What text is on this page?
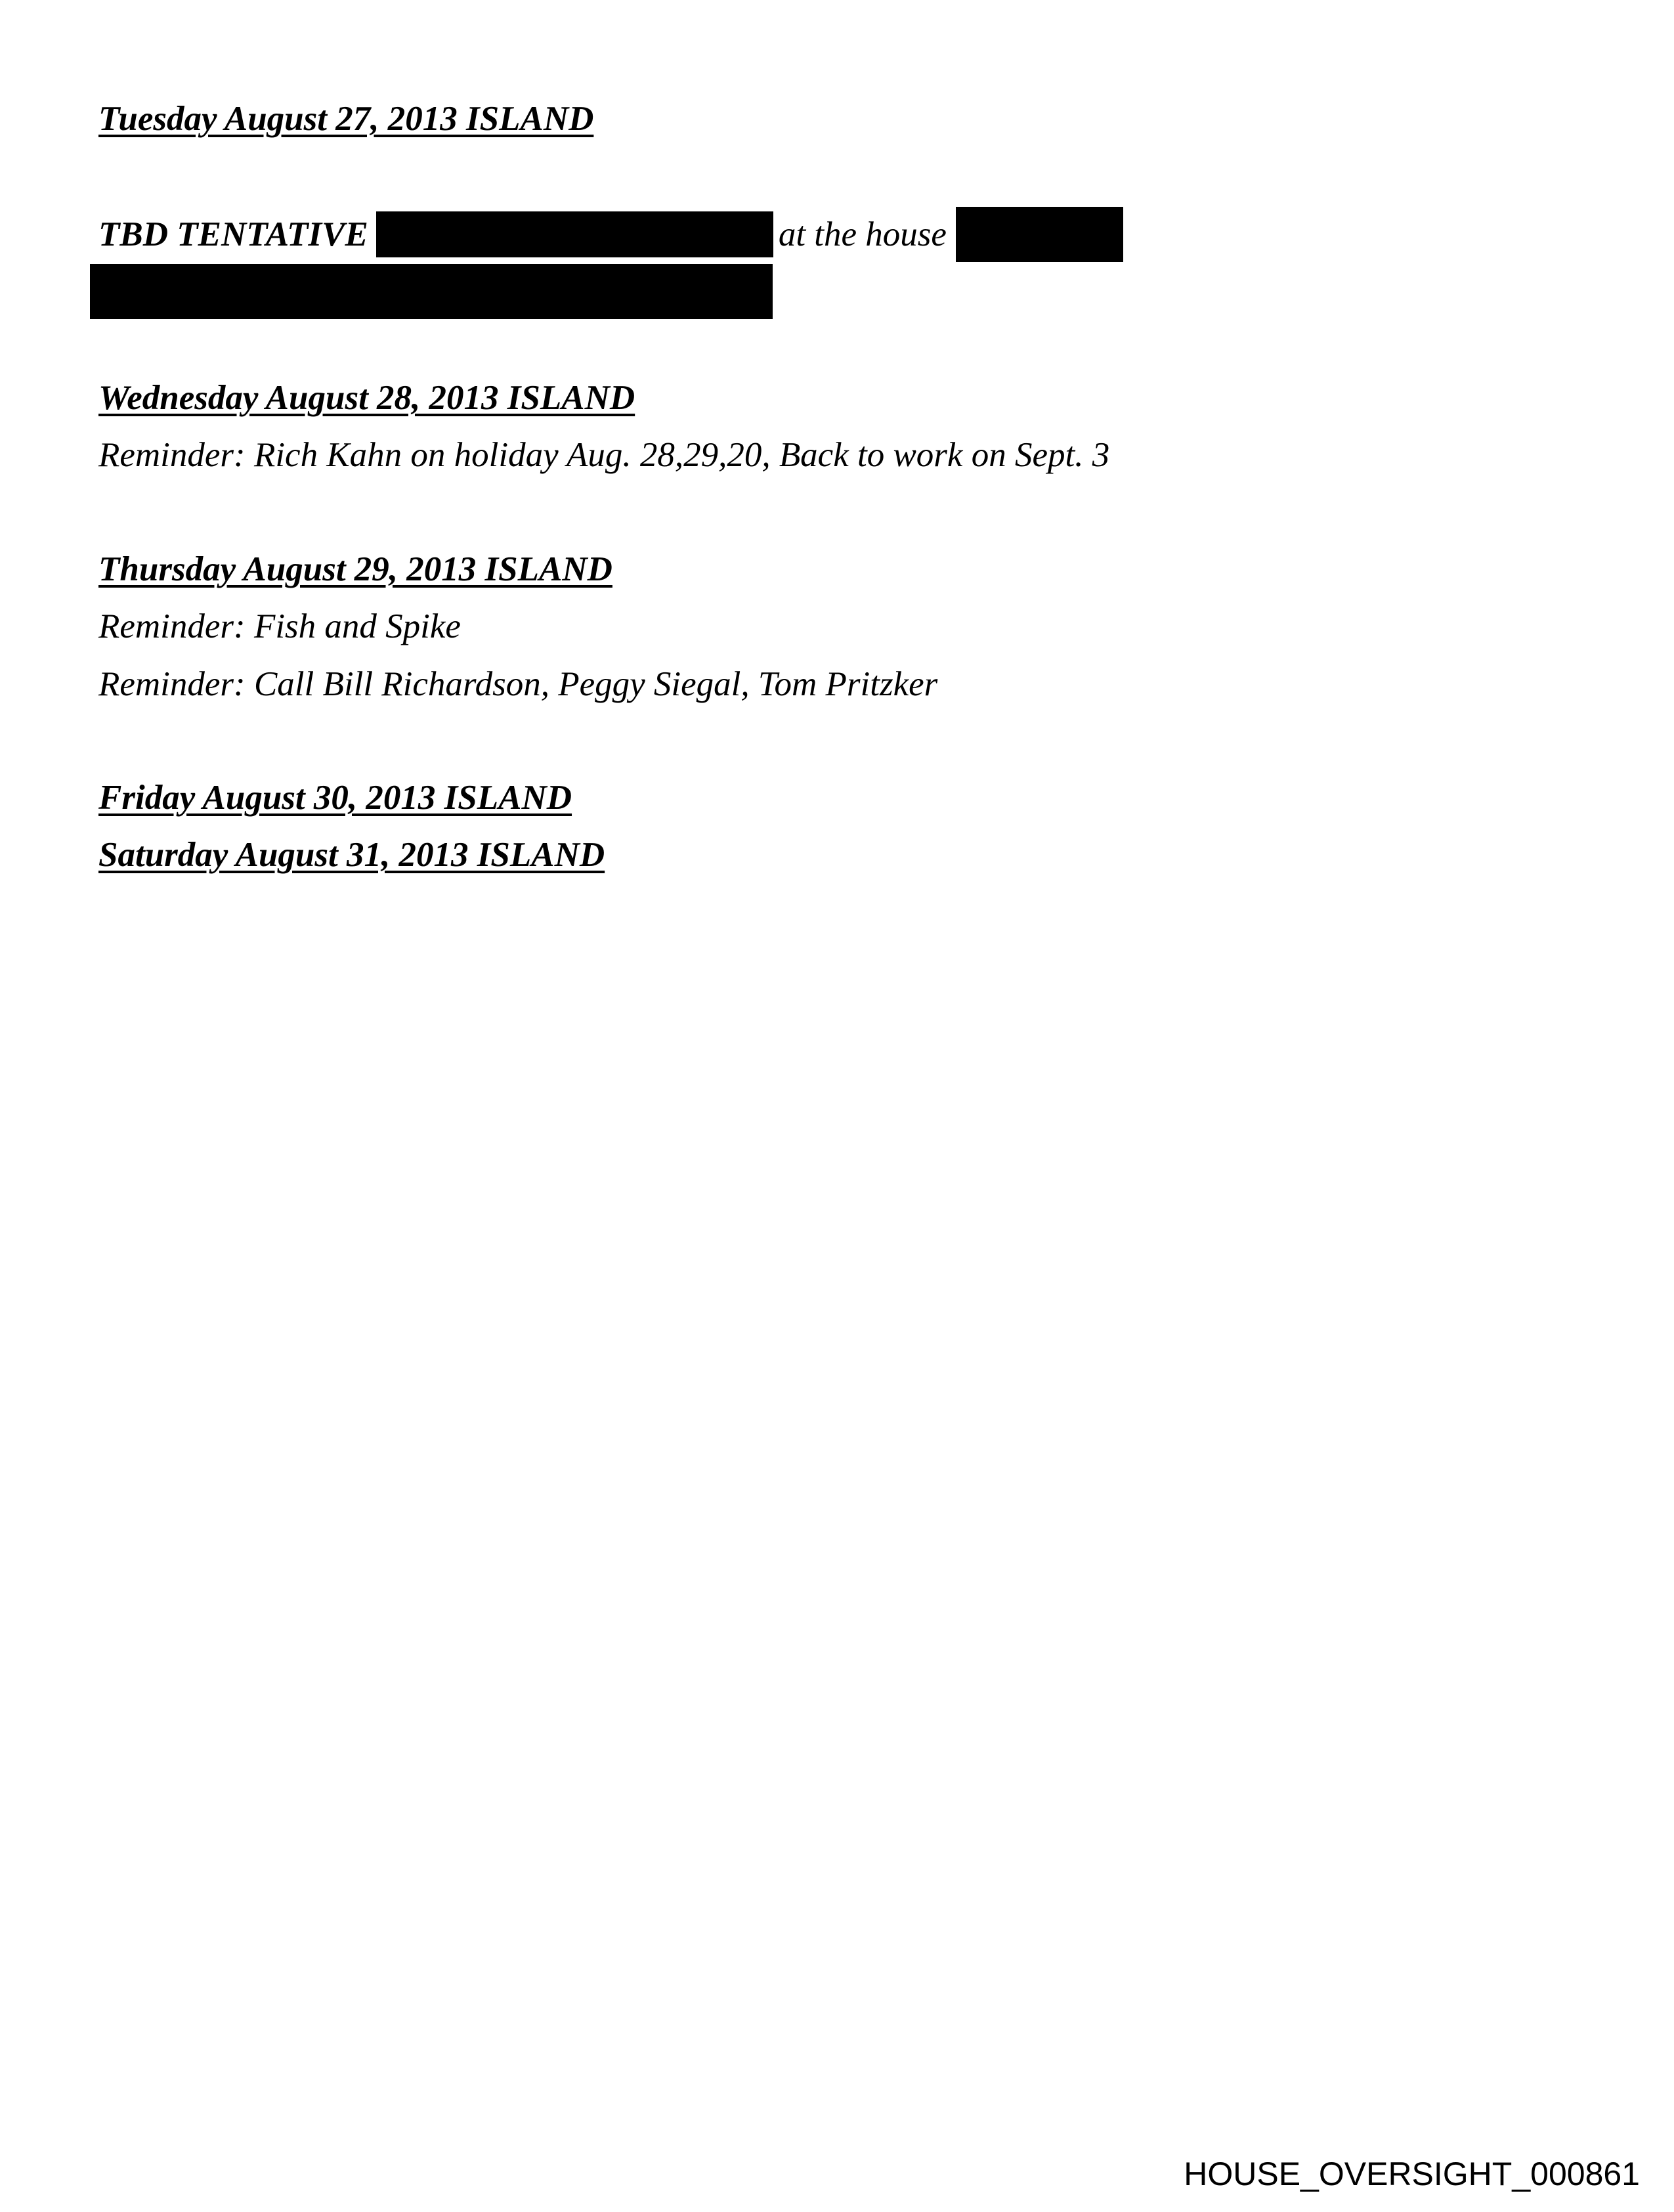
Tuesday August 27, 2013 ISLAND
TBD TENTATIVE	at the house
Wednesday August 28, 2013 ISLAND
Reminder: Rich Kahn on holiday Aug. 28,29,20, Back to work on Sept. 3
Thursday August 29, 2013 ISLAND
Reminder: Fish and Spike
Reminder: Call Bill Richardson, Peggy Siegal, Tom Pritzker
Friday August 30, 2013 ISLAND
Saturday August 31, 2013 ISLAND
HOUSE_OVERSIGHT_000861
